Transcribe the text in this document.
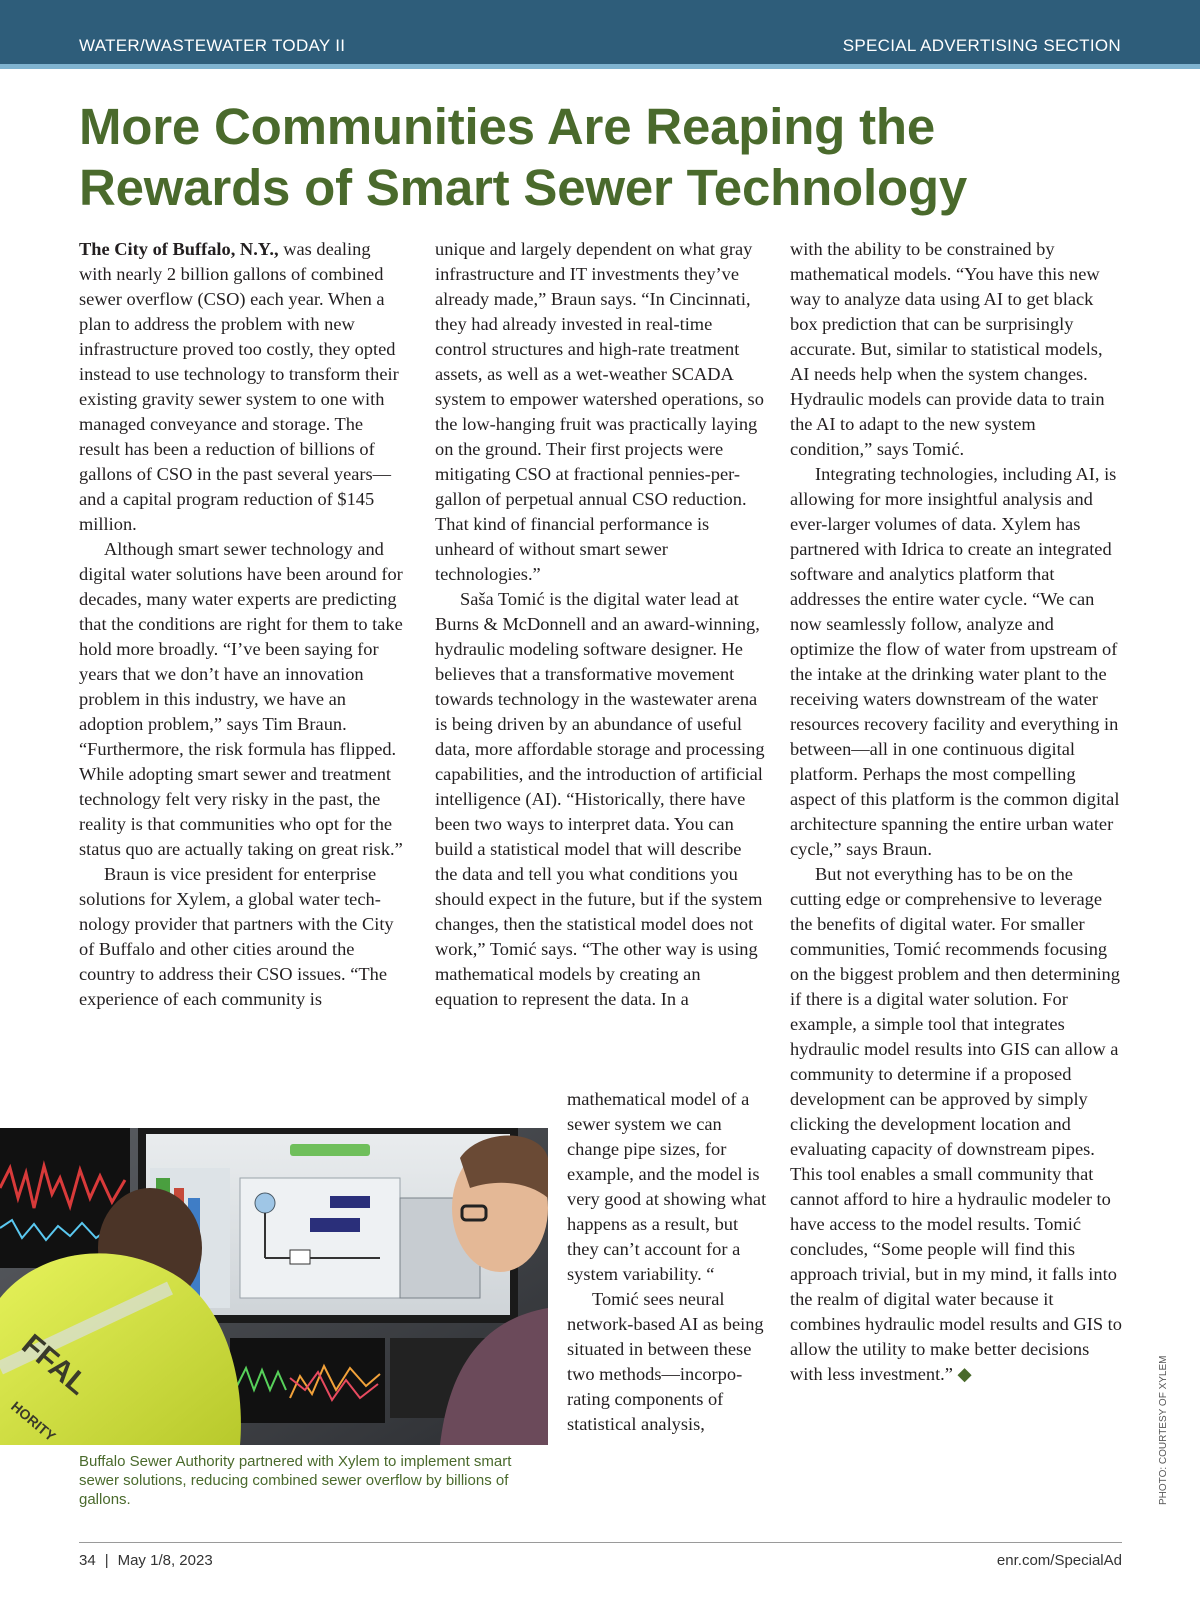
WATER/WASTEWATER TODAY II	SPECIAL ADVERTISING SECTION
More Communities Are Reaping the
Rewards of Smart Sewer Technology

The City of Buffalo, N.Y., was dealing with nearly 2 billion gallons of combined sewer overflow (CSO) each year. When a plan to address the problem with new infrastructure proved too costly, they opted instead to use technology to transform their existing gravity sewer system to one with managed conveyance and storage. The result has been a reduction of billions of gallons of CSO in the past several years—and a capital program reduction of $145 million.

Although smart sewer technology and digital water solutions have been around for decades, many water experts are predicting that the conditions are right for them to take hold more broadly. “I’ve been saying for years that we don’t have an innovation problem in this industry, we have an adoption problem,” says Tim Braun. “Furthermore, the risk formula has flipped. While adopting smart sewer and treatment technology felt very risky in the past, the reality is that communities who opt for the status quo are actually taking on great risk.”

Braun is vice president for enterprise solutions for Xylem, a global water technology provider that partners with the City of Buffalo and other cities around the country to address their CSO issues. “The experience of each community is

unique and largely dependent on what gray infrastructure and IT investments they’ve already made,” Braun says. “In Cincinnati, they had already invested in real-time control structures and high-rate treatment assets, as well as a wet-weather SCADA system to empower watershed operations, so the low-hanging fruit was practically laying on the ground. Their first projects were mitigating CSO at fractional pennies-per-gallon of perpetual annual CSO reduction. That kind of financial performance is unheard of without smart sewer technologies.”

Saša Tomić is the digital water lead at Burns & McDonnell and an award-winning, hydraulic modeling software designer. He believes that a transformative movement towards technology in the wastewater arena is being driven by an abundance of useful data, more affordable storage and processing capabilities, and the introduction of artificial intelligence (AI). “Historically, there have been two ways to interpret data. You can build a statistical model that will describe the data and tell you what conditions you should expect in the future, but if the system changes, then the statistical model does not work,” Tomić says. “The other way is using mathematical models by creating an equation to represent the data. In a

mathematical model of a sewer system we can change pipe sizes, for example, and the model is very good at showing what happens as a result, but they can’t account for a system variability. “

Tomić sees neural network-based AI as being situated in between these two methods—incorporating components of statistical analysis,

with the ability to be constrained by mathematical models. “You have this new way to analyze data using AI to get black box prediction that can be surprisingly accurate. But, similar to statistical models, AI needs help when the system changes. Hydraulic models can provide data to train the AI to adapt to the new system condition,” says Tomić.

Integrating technologies, including AI, is allowing for more insightful analysis and ever-larger volumes of data. Xylem has partnered with Idrica to create an integrated software and analytics platform that addresses the entire water cycle. “We can now seamlessly follow, analyze and optimize the flow of water from upstream of the intake at the drinking water plant to the receiving waters downstream of the water resources recovery facility and everything in between—all in one continuous digital platform. Perhaps the most compelling aspect of this platform is the common digital architecture spanning the entire urban water cycle,” says Braun.

But not everything has to be on the cutting edge or comprehensive to leverage the benefits of digital water. For smaller communities, Tomić recommends focusing on the biggest problem and then determining if there is a digital water solution. For example, a simple tool that integrates hydraulic model results into GIS can allow a community to determine if a proposed development can be approved by simply clicking the development location and evaluating capacity of downstream pipes. This tool enables a small community that cannot afford to hire a hydraulic modeler to have access to the model results. Tomić concludes, “Some people will find this approach trivial, but in my mind, it falls into the realm of digital water because it combines hydraulic model results and GIS to allow the utility to make better decisions with less investment.” ◆

FFAL
HORITY
Buffalo Sewer Authority partnered with Xylem to implement smart sewer solutions, reducing combined sewer overflow by billions of gallons.	PHOTO: COURTESY OF XYLEM
34 | May 1/8, 2023	enr.com/SpecialAd
